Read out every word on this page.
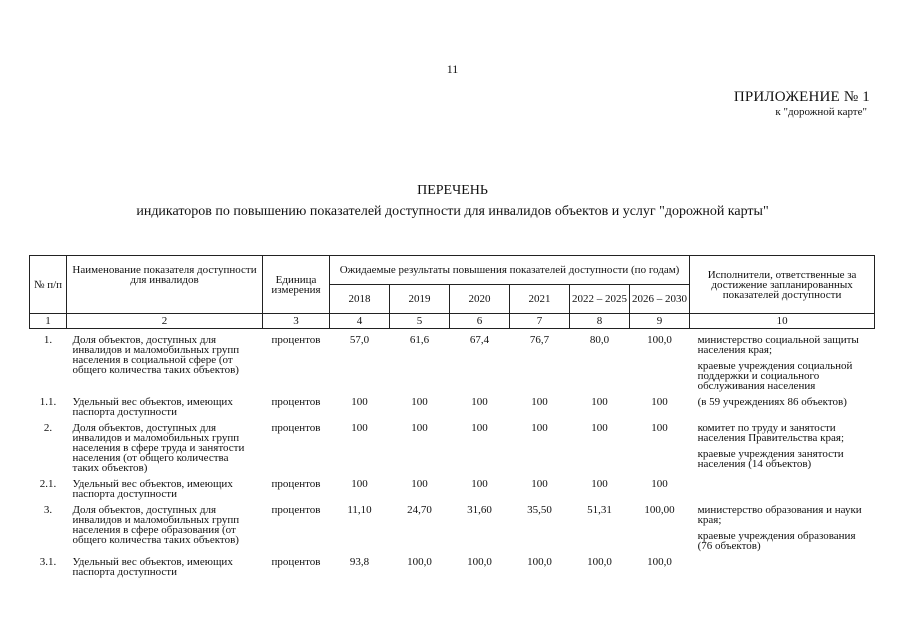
11
ПРИЛОЖЕНИЕ № 1
к "дорожной карте"
ПЕРЕЧЕНЬ
индикаторов по повышению показателей доступности для инвалидов объектов и услуг "дорожной карты"
№ п/п	Наименование показателя доступности для инвалидов	Единица измерения	Ожидаемые результаты повышения показателей доступности (по годам)						Исполнители, ответственные за достижение запланированных показателей доступности
			2018	2019	2020	2021	2022 – 2025	2026 – 2030	
1	2	3	4	5	6	7	8	9	10
1.	Доля объектов, доступных для инвалидов и маломобильных групп населения в социальной сфере (от общего количества таких объектов)	процентов	57,0	61,6	67,4	76,7	80,0	100,0	министерство социальной защиты населения края;
краевые учреждения социальной поддержки и социального обслуживания населения

1.1.	Удельный вес объектов, имеющих паспорта доступности	процентов	100	100	100	100	100	100	(в 59 учреждениях 86 объектов)

2.	Доля объектов, доступных для инвалидов и маломобильных групп населения в сфере труда и занятости населения (от общего количества таких объектов)	процентов	100	100	100	100	100	100	комитет по труду и занятости населения Правительства края;
краевые учреждения занятости населения (14 объектов)

2.1.	Удельный вес объектов, имеющих паспорта доступности	процентов	100	100	100	100	100	100	
3.	Доля объектов, доступных для инвалидов и маломобильных групп населения в сфере образования (от общего количества таких объектов)	процентов	11,10	24,70	31,60	35,50	51,31	100,00	министерство образования и науки края;
краевые учреждения образования (76 объектов)

3.1.	Удельный вес объектов, имеющих паспорта доступности	процентов	93,8	100,0	100,0	100,0	100,0	100,0	
